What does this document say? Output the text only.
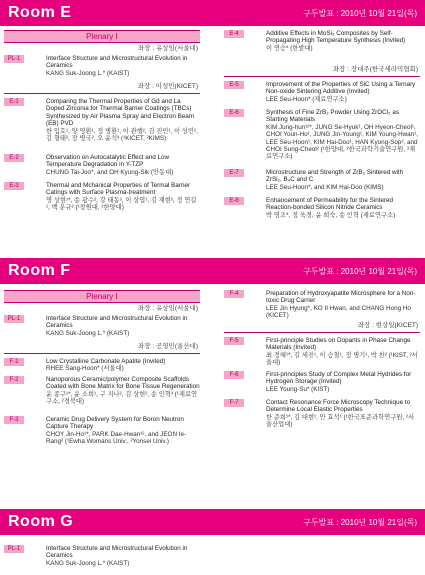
Room E	구두발표 : 2010년 10월 21일(목)
Plenary Ⅰ
좌장 : 유상임(서울대)
PL-1	Interface Structure and Microstructural Evolution in Ceramics
KANG Suk-Joong L.* (KAIST)
좌장 : 이성민(KICET)
E-1	Comparing the Thermal Properties of Gd and La Doped Zirconia for Thermal Barrier Coatings (TBCs) Synthesized by Air Plasma Spray and Electron Beam (EB) PVD
한 입호¹, 양 영환¹, 정 병환¹, 이 관행², 김 진민¹, 이 성민², 김 형태², 장 병국², 오 윤석³ (¹KICET, ²KIMS)
E-2	Observation on Autocatalytic Effect and Low Temperature Degradation in Y-TZP
CHUNG Tai-Joo*, and OH Kyung-Sik (안동대)
E-3	Thermal and Mchanical Properties of Termal Barrier Catings with Surface Plasma-treatment
명 상현¹*, 송 광수², 강 태동³, 이 상엽¹, 김 재현², 정 연길¹, 백 운규² (¹창원대, ²한양대)
E-4	Additive Effects in MoSi₂ Composites by Self-Propagating High Temperature Synthesis (Invited)
이 연승* (한밭대)
좌장 : 장대주(한국세라믹협회)
E-5	Improvement of the Properties of SiC Using a Ternary Non-oxide Sintering Additive (Invited)
LEE Seu-Hoon* (재료연구소)
E-6	Synthesis of Fine ZrB₂ Powder Using ZrOCl₂ as Starting Materials
KIM Jung-hun¹²*, JUNG Se-Hyuk¹, OH Hyeon-Cheol¹, CHOI Youn-Ho¹, JUNG Jin-Young¹, KIM Young-Hwan¹, LEE Seu-Hoon¹, KIM Hai-Doo¹, HAN Kyong-Sop², and CHOI Sung-Cheol² (¹한양대, ²한국과학기술연구원, ³재료연구소)
E-7	Microstructure and Strength of ZrB₂ Sintered with ZrSi₂, B₄C and C
LEE Seu-Hoon*, and KIM Hai-Doo (KIMS)
E-8	Enhancement of Permeability for the Sintered Reaction-bonded Silicon Nitride Ceramics
박 영조*, 정 욱경, 윤 희숙, 송 인혁 (재료연구소)
Room F	구두발표 : 2010년 10월 21일(목)
Plenary Ⅰ
좌장 : 유상임(서울대)
PL-1	Interface Structure and Microstructural Evolution in Ceramics
KANG Suk-Joong L.* (KAIST)
좌장 : 공영민(울산대)
F-1	Low Crystalline Carbonate Apatite (Invited)
RHEE Sang-Hoon* (서울대)
F-2	Nanoporous Ceramic/polymer Composite Scaffolds Coated with Bone Matrix for Bone Tissue Regeneration
윤 종구¹*, 윤 소희¹, 구 지나², 김 상현², 송 인혁³ (¹재료연구소, ²경북대)
F-3	Ceramic Drug Delivery System for Boron Neutron Capture Therapy
CHOY Jin-Ho¹*, PARK Dae-Hwan¹², and JEON Ie-Rang² (¹Ewha Womans Univ., ²Yonsei Univ.)
F-4	Preparation of Hydroxyapatite Microsphere for a Non-toxic Drug Carrier
LEE Jin Hyung*, KO II Hwan, and CHANG Hong Ho (KICET)
좌장 : 현상일(KICET)
F-5	First-principle Studies on Dopants in Phase Change Materials (Invited)
최 정혜¹*, 김 세진¹, 이 승철¹, 정 병기¹, 박 찬² (¹KIST, ²서울대)
F-6	First-principles Study of Complex Metal Hydrides for Hydrogen Storage (Invited)
LEE Young-Su* (KIST)
F-7	Contact Resonance Force Microscopy Technique to Determine Local Elastic Properties
한 준희¹*, 김 대현¹, 안 효석¹ (¹한국표준과학연구원, ²서울산업대)
Room G	구두발표 : 2010년 10월 21일(목)
PL-1	Interface Structure and Microstructural Evolution in Ceramics
KANG Suk-Joong L.* (KAIST)
